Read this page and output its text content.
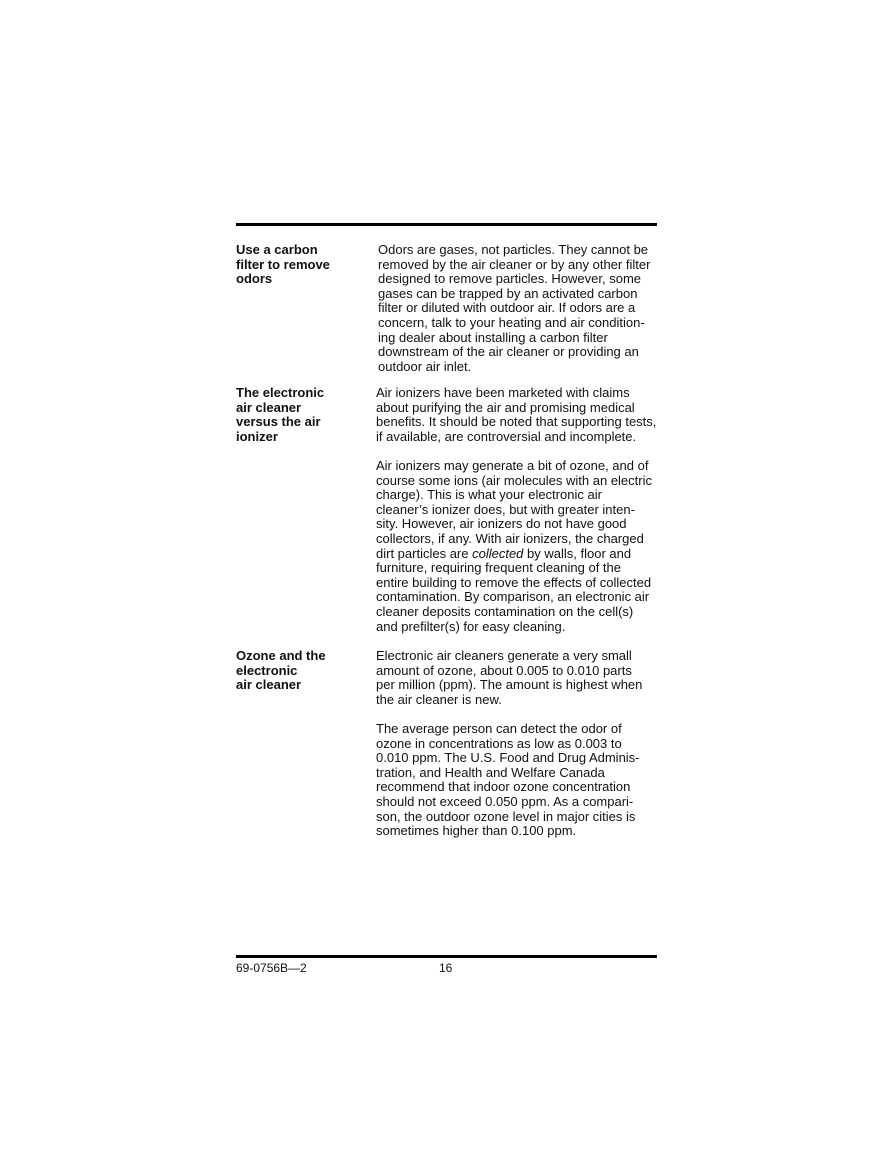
Use a carbon
filter to remove
odors

Odors are gases, not particles. They cannot be
removed by the air cleaner or by any other filter
designed to remove particles. However, some
gases can be trapped by an activated carbon
filter or diluted with outdoor air. If odors are a
concern, talk to your heating and air condition-
ing dealer about installing a carbon filter
downstream of the air cleaner or providing an
outdoor air inlet.

The electronic
air cleaner
versus the air
ionizer

Air ionizers have been marketed with claims
about purifying the air and promising medical
benefits. It should be noted that supporting tests,
if available, are controversial and incomplete.

Air ionizers may generate a bit of ozone, and of
course some ions (air molecules with an electric
charge). This is what your electronic air
cleaner’s ionizer does, but with greater inten-
sity. However, air ionizers do not have good
collectors, if any. With air ionizers, the charged
dirt particles are collected by walls, floor and
furniture, requiring frequent cleaning of the
entire building to remove the effects of collected
contamination. By comparison, an electronic air
cleaner deposits contamination on the cell(s)
and prefilter(s) for easy cleaning.

Ozone and the
electronic
air cleaner

Electronic air cleaners generate a very small
amount of ozone, about 0.005 to 0.010 parts
per million (ppm). The amount is highest when
the air cleaner is new.

The average person can detect the odor of
ozone in concentrations as low as 0.003 to
0.010 ppm. The U.S. Food and Drug Adminis-
tration, and Health and Welfare Canada
recommend that indoor ozone concentration
should not exceed 0.050 ppm. As a compari-
son, the outdoor ozone level in major cities is
sometimes higher than 0.100 ppm.

69-0756B—2	16
